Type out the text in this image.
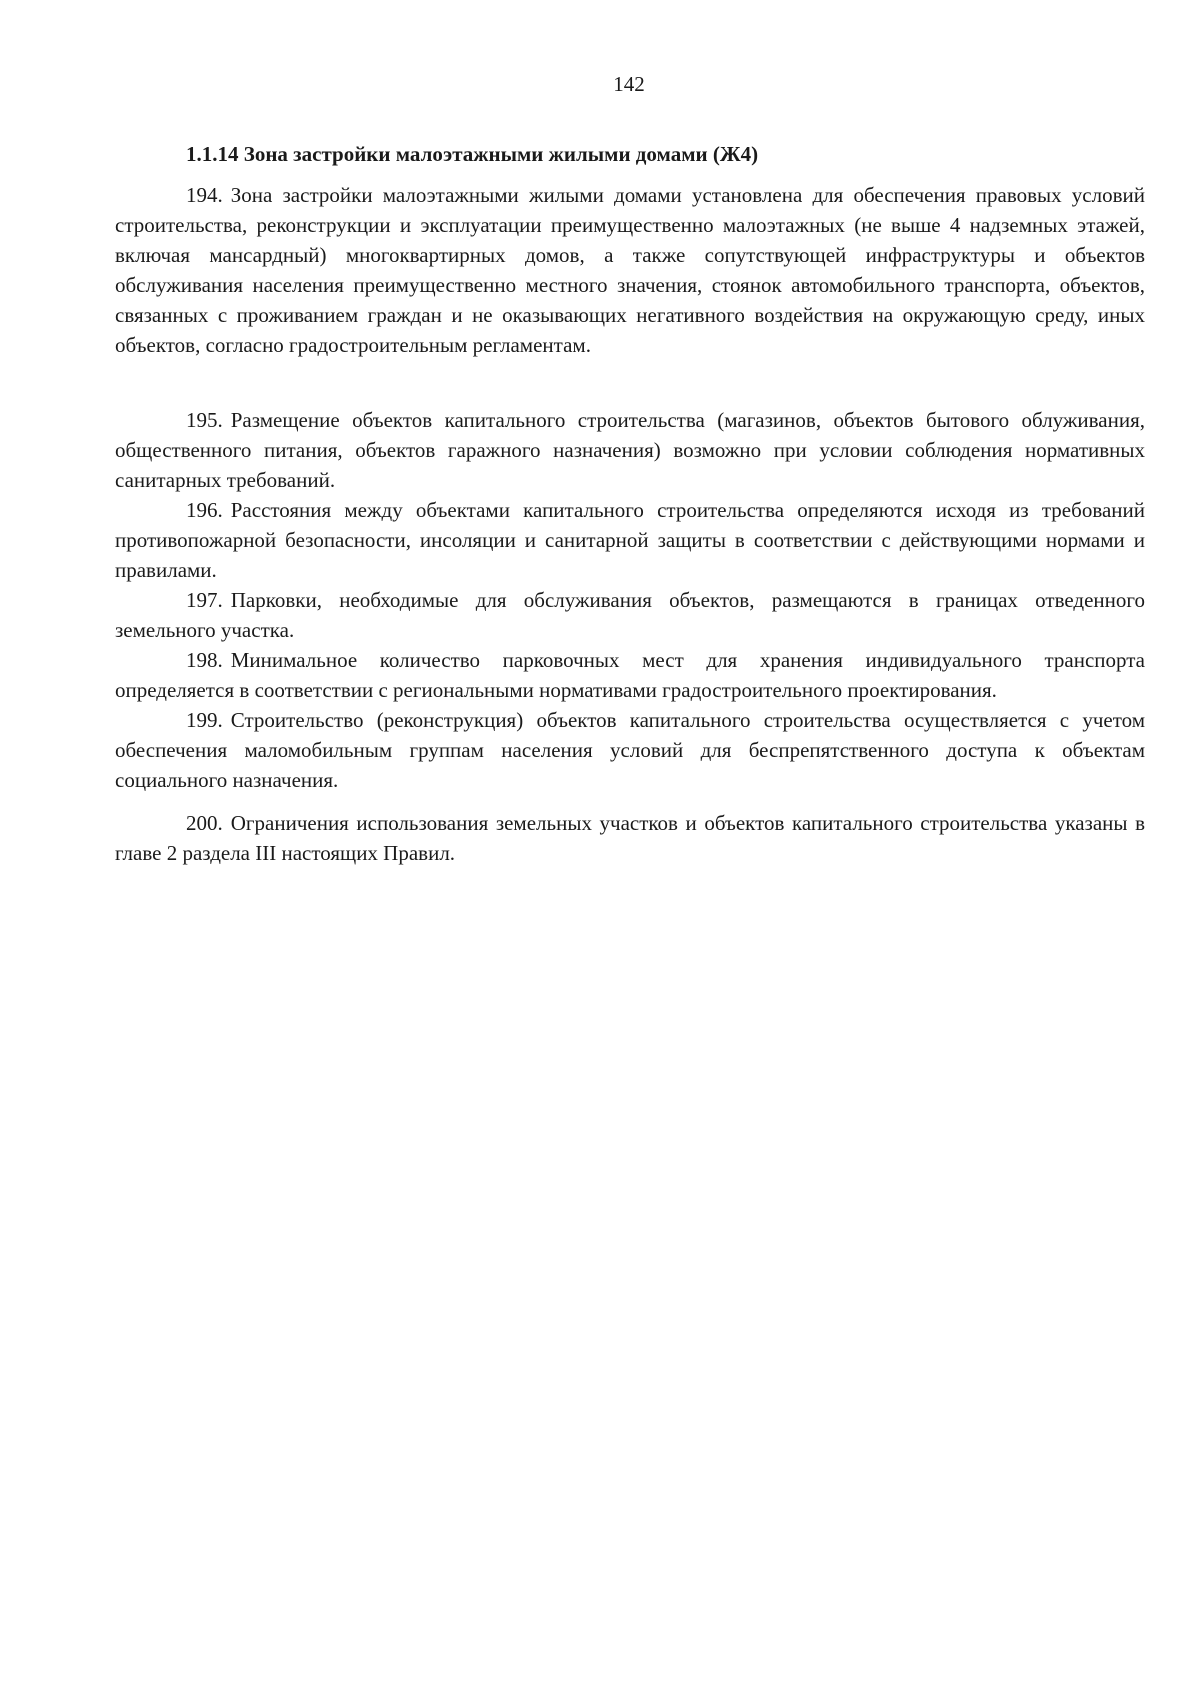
142
1.1.14 Зона застройки малоэтажными жилыми домами (Ж4)

194. Зона застройки малоэтажными жилыми домами установлена для обеспечения правовых условий строительства, реконструкции и эксплуатации преимущественно малоэтажных (не выше 4 надземных этажей, включая мансардный) многоквартирных домов, а также сопутствующей инфраструктуры и объектов обслуживания населения преимущественно местного значения, стоянок автомобильного транспорта, объектов, связанных с проживанием граждан и не оказывающих негативного воздействия на окружающую среду, иных объектов, согласно градостроительным регламентам.

195. Размещение объектов капитального строительства (магазинов, объектов бытового облуживания, общественного питания, объектов гаражного назначения) возможно при условии соблюдения нормативных санитарных требований.

196. Расстояния между объектами капитального строительства определяются исходя из требований противопожарной безопасности, инсоляции и санитарной защиты в соответствии с действующими нормами и правилами.

197. Парковки, необходимые для обслуживания объектов, размещаются в границах отведенного земельного участка.

198. Минимальное количество парковочных мест для хранения индивидуального транспорта определяется в соответствии с региональными нормативами градостроительного проектирования.

199. Строительство (реконструкция) объектов капитального строительства осуществляется с учетом обеспечения маломобильным группам населения условий для беспрепятственного доступа к объектам социального назначения.

200. Ограничения использования земельных участков и объектов капитального строительства указаны в главе 2 раздела III настоящих Правил.
